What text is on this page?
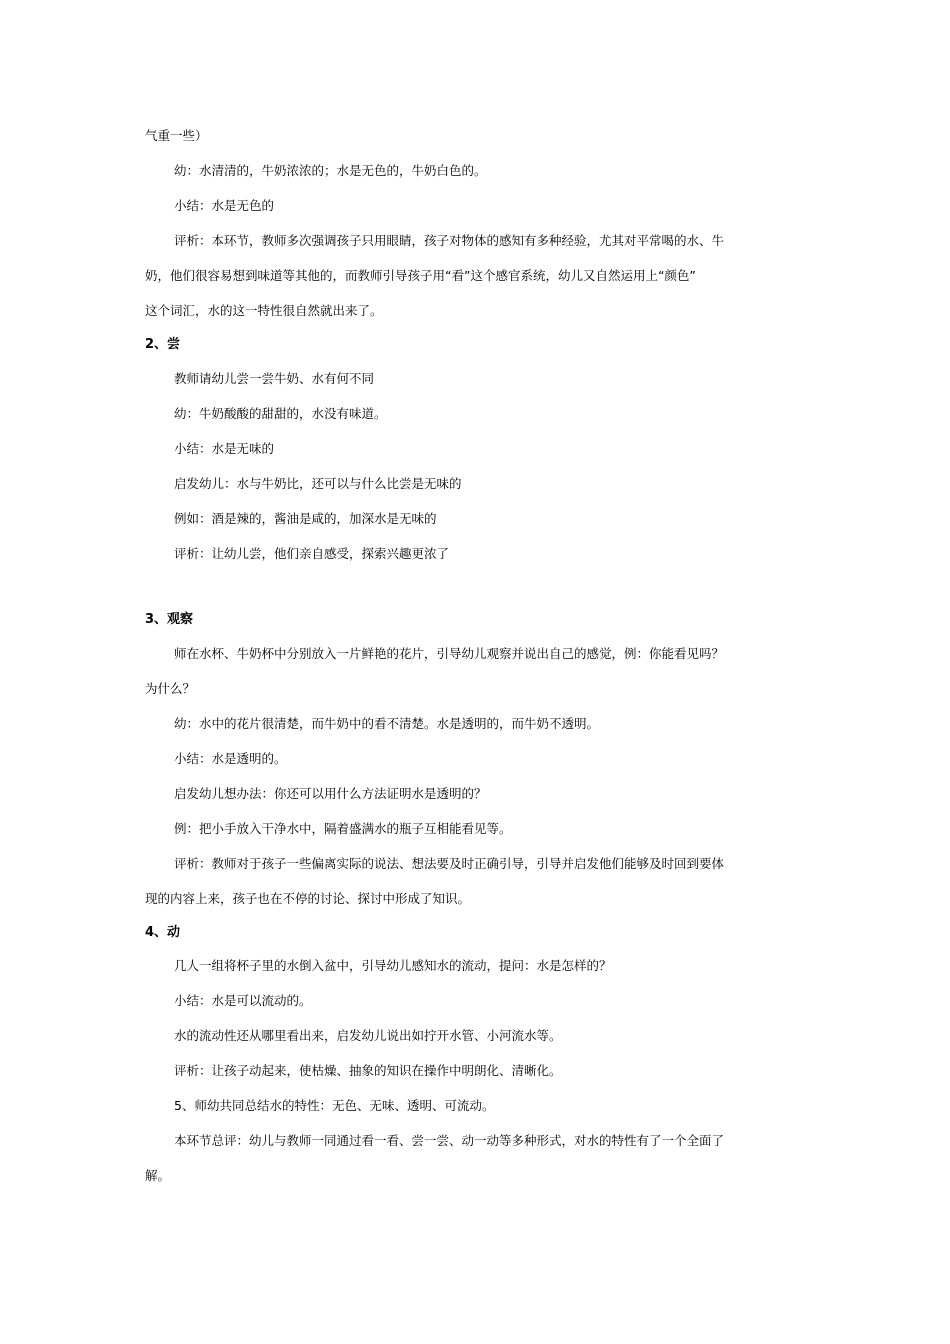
气重一些）
幼：水清清的，牛奶浓浓的；水是无色的，牛奶白色的。
小结：水是无色的
评析：本环节，教师多次强调孩子只用眼睛，孩子对物体的感知有多种经验，尤其对平常喝的水、牛
奶，他们很容易想到味道等其他的，而教师引导孩子用“看”这个感官系统，幼儿又自然运用上“颜色”
这个词汇，水的这一特性很自然就出来了。
2、尝
教师请幼儿尝一尝牛奶、水有何不同
幼：牛奶酸酸的甜甜的，水没有味道。
小结：水是无味的
启发幼儿：水与牛奶比，还可以与什么比尝是无味的
例如：酒是辣的，酱油是咸的，加深水是无味的
评析：让幼儿尝，他们亲自感受，探索兴趣更浓了
3、观察
师在水杯、牛奶杯中分别放入一片鲜艳的花片，引导幼儿观察并说出自己的感觉，例：你能看见吗？
为什么？
幼：水中的花片很清楚，而牛奶中的看不清楚。水是透明的，而牛奶不透明。
小结：水是透明的。
启发幼儿想办法：你还可以用什么方法证明水是透明的？
例：把小手放入干净水中，隔着盛满水的瓶子互相能看见等。
评析：教师对于孩子一些偏离实际的说法、想法要及时正确引导，引导并启发他们能够及时回到要体
现的内容上来，孩子也在不停的讨论、探讨中形成了知识。
4、动
几人一组将杯子里的水倒入盆中，引导幼儿感知水的流动，提问：水是怎样的？
小结：水是可以流动的。
水的流动性还从哪里看出来，启发幼儿说出如拧开水管、小河流水等。
评析：让孩子动起来，使枯燥、抽象的知识在操作中明朗化、清晰化。
5、师幼共同总结水的特性：无色、无味、透明、可流动。
本环节总评：幼儿与教师一同通过看一看、尝一尝、动一动等多种形式，对水的特性有了一个全面了
解。
